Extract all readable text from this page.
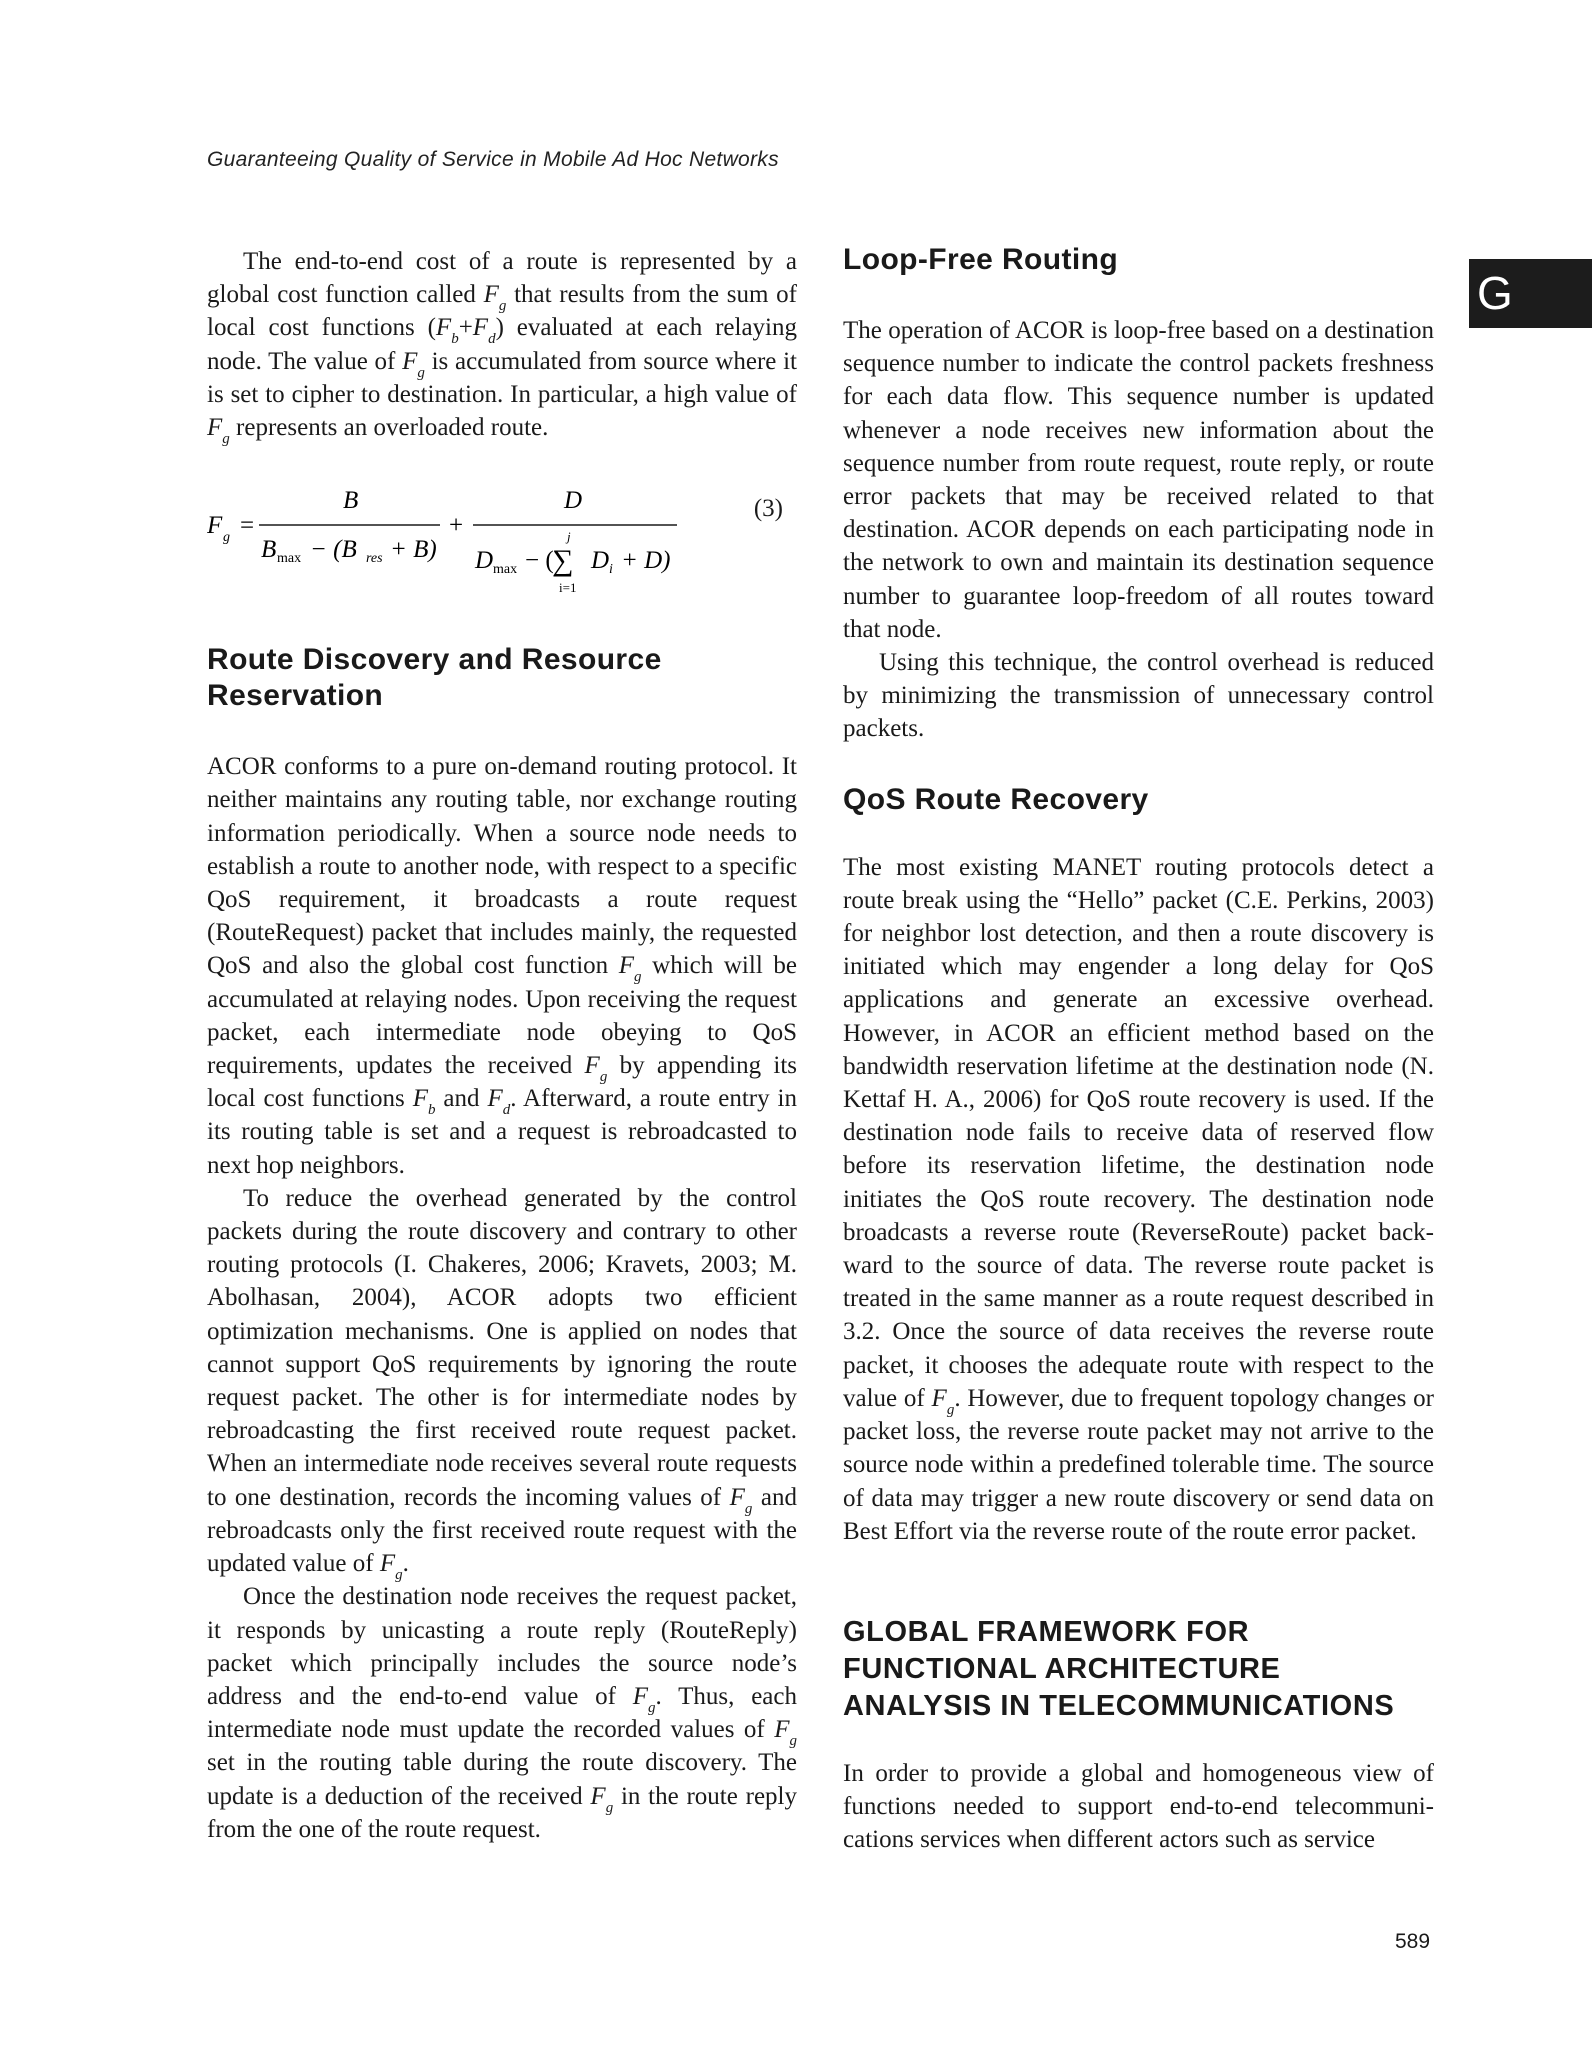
Guaranteeing Quality of Service in Mobile Ad Hoc Networks
G

The end-to-end cost of a route is represented by a global cost function called $F_g$ that results from the sum of local cost functions $(F_b+F_d)$ evaluated at each relaying node. The value of $F_g$ is accumulated from source where it is set to cipher to destination. In particular, a high value of $F_g$ represents an overloaded route.

F g =
B
B max − (B res + B)
+
D
D max − (
j
∑
i=1
D i + D)
(3)
Route Discovery and Resource Reservation

ACOR conforms to a pure on-demand routing protocol. It neither maintains any routing table, nor exchange routing information periodically. When a source node needs to establish a route to another node, with respect to a specific QoS requirement, it broadcasts a route request (RouteRequest) packet that includes mainly, the requested QoS and also the global cost function $F_g$ which will be accumulated at relaying nodes. Upon receiving the request packet, each intermediate node obeying to QoS requirements, updates the received $F_g$ by appending its local cost functions $F_b$ and $F_d$. Afterward, a route entry in its routing table is set and a request is rebroadcasted to next hop neighbors.

To reduce the overhead generated by the control packets during the route discovery and contrary to other routing protocols (I. Chakeres, 2006; Kravets, 2003; M. Abolhasan, 2004), ACOR adopts two efficient optimization mechanisms. One is applied on nodes that cannot support QoS requirements by ignoring the route request packet. The other is for intermediate nodes by rebroadcasting the first received route request packet. When an intermediate node receives several route requests to one destination, records the incoming values of $F_g$ and rebroadcasts only the first received route request with the updated value of $F_g$.

Once the destination node receives the request packet, it responds by unicasting a route reply (RouteReply) packet which principally includes the source node’s address and the end-to-end value of $F_g$. Thus, each intermediate node must update the recorded values of $F_g$ set in the routing table during the route discovery. The update is a deduction of the received $F_g$ in the route reply from the one of the route request.

Loop-Free Routing

The operation of ACOR is loop-free based on a destination sequence number to indicate the control packets freshness for each data flow. This sequence number is updated whenever a node receives new information about the sequence number from route request, route reply, or route error packets that may be received related to that destination. ACOR depends on each participating node in the network to own and maintain its destination sequence number to guarantee loop-freedom of all routes toward that node.

Using this technique, the control overhead is reduced by minimizing the transmission of unnecessary control packets.

QoS Route Recovery

The most existing MANET routing protocols detect a route break using the “Hello” packet (C.E. Perkins, 2003) for neighbor lost detection, and then a route discovery is initiated which may engender a long delay for QoS applications and generate an excessive overhead. However, in ACOR an efficient method based on the bandwidth reservation lifetime at the destination node (N. Kettaf H. A., 2006) for QoS route recovery is used. If the destination node fails to receive data of reserved flow before its reservation lifetime, the destination node initiates the QoS route recovery. The destination node broadcasts a reverse route (ReverseRoute) packet backward to the source of data. The reverse route packet is treated in the same manner as a route request described in 3.2. Once the source of data receives the reverse route packet, it chooses the adequate route with respect to the value of $F_g$. However, due to frequent topology changes or packet loss, the reverse route packet may not arrive to the source node within a predefined tolerable time. The source of data may trigger a new route discovery or send data on Best Effort via the reverse route of the route error packet.

GLOBAL FRAMEWORK FOR FUNCTIONAL ARCHITECTURE ANALYSIS IN TELECOMMUNICATIONS

In order to provide a global and homogeneous view of functions needed to support end-to-end telecommunications services when different actors such as service

589
